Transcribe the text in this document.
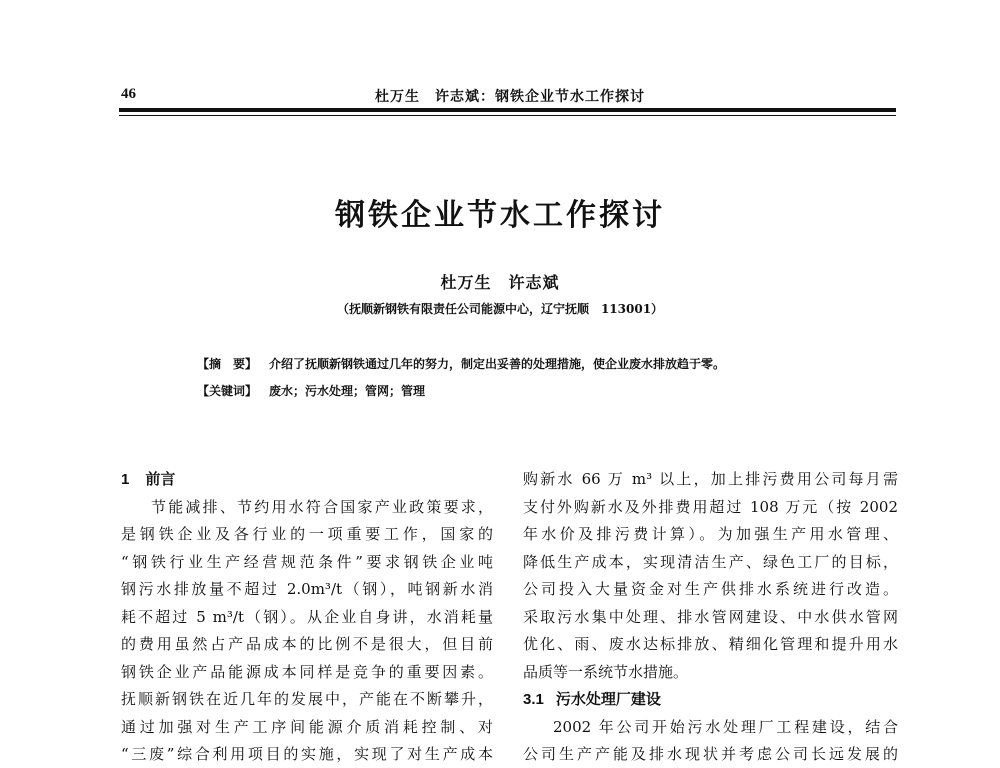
46	杜万生　许志斌：钢铁企业节水工作探讨
钢铁企业节水工作探讨
杜万生　许志斌
（抚顺新钢铁有限责任公司能源中心，辽宁抚顺　113001）
【摘　要】 介绍了抚顺新钢铁通过几年的努力，制定出妥善的处理措施，使企业废水排放趋于零。
【关键词】 废水；污水处理；管网；管理
1 前言
节能减排、节约用水符合国家产业政策要求，
是钢铁企业及各行业的一项重要工作，国家的
“钢铁行业生产经营规范条件”要求钢铁企业吨
钢污水排放量不超过 2.0m³/t（钢），吨钢新水消
耗不超过 5 m³/t（钢）。从企业自身讲，水消耗量
的费用虽然占产品成本的比例不是很大，但目前
钢铁企业产品能源成本同样是竞争的重要因素。
抚顺新钢铁在近几年的发展中，产能在不断攀升，
通过加强对生产工序间能源介质消耗控制、对
“三废”综合利用项目的实施，实现了对生产成本
购新水 66 万 m³ 以上，加上排污费用公司每月需
支付外购新水及外排费用超过 108 万元（按 2002
年水价及排污费计算）。为加强生产用水管理、
降低生产成本，实现清洁生产、绿色工厂的目标，
公司投入大量资金对生产供排水系统进行改造。
采取污水集中处理、排水管网建设、中水供水管网
优化、雨、废水达标排放、精细化管理和提升用水
品质等一系统节水措施。
3.1 污水处理厂建设
2002 年公司开始污水处理厂工程建设，结合
公司生产产能及排水现状并考虑公司长远发展的
